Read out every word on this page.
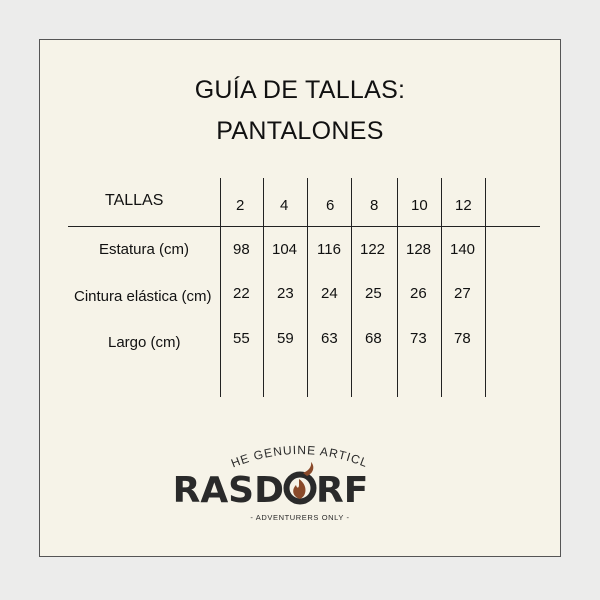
GUÍA DE TALLAS:
PANTALONES
TALLAS	2 4	6 8 10 12
Estatura (cm)	98 104 116 122 128 140
Cintura elástica (cm) 22 23 24 25 26 27
Largo (cm)	55 59 63 68 73 78
HE GENUINE ARTICL
RASD RF
- ADVENTURERS ONLY -
